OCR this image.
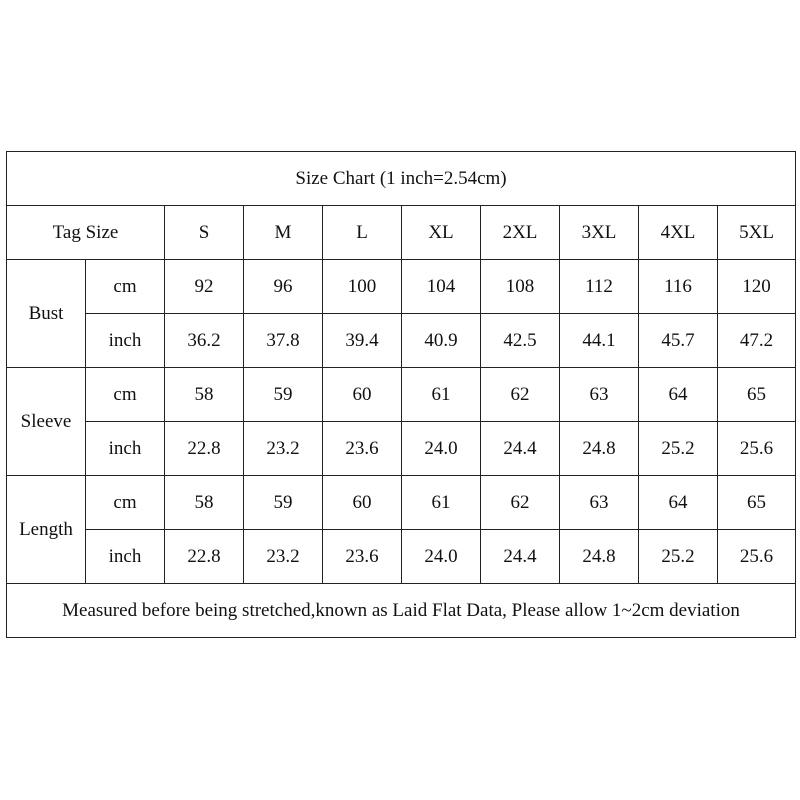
Size Chart (1 inch=2.54cm)									
Tag Size		S	M	L	XL	2XL	3XL	4XL	5XL
Bust	cm	92	96	100	104	108	112	116	120
	inch	36.2	37.8	39.4	40.9	42.5	44.1	45.7	47.2
Sleeve	cm	58	59	60	61	62	63	64	65
	inch	22.8	23.2	23.6	24.0	24.4	24.8	25.2	25.6
Length	cm	58	59	60	61	62	63	64	65
	inch	22.8	23.2	23.6	24.0	24.4	24.8	25.2	25.6
Measured before being stretched,known as Laid Flat Data, Please allow 1~2cm deviation									
